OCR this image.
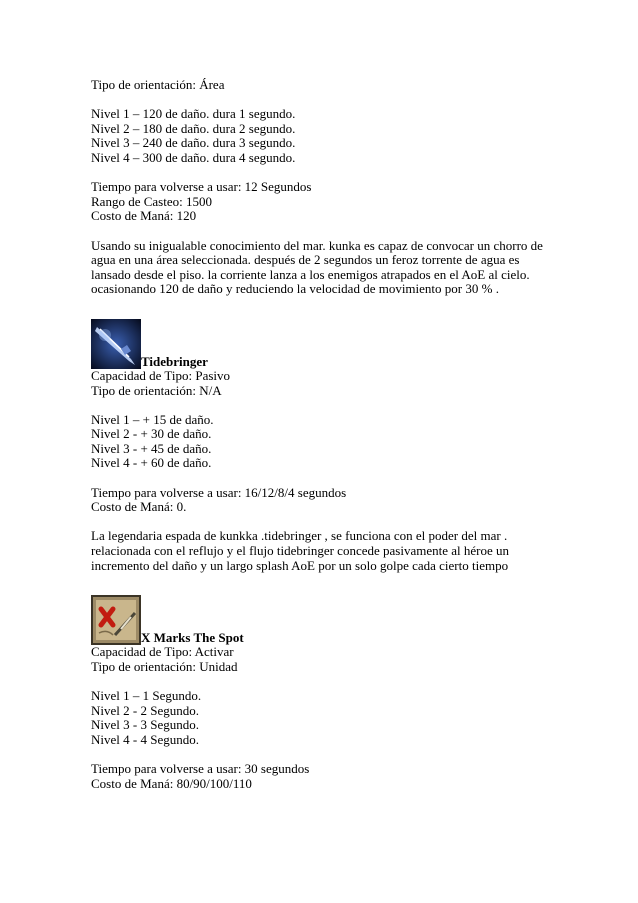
Tipo de orientación: Área
Nivel 1 – 120 de daño. dura 1 segundo.
Nivel 2 – 180 de daño. dura 2 segundo.
Nivel 3 – 240 de daño. dura 3 segundo.
Nivel 4 – 300 de daño. dura 4 segundo.
Tiempo para volverse a usar: 12 Segundos
Rango de Casteo: 1500
Costo de Maná: 120
Usando su inigualable conocimiento del mar. kunka es capaz de convocar un chorro de
agua en una área seleccionada. después de 2 segundos un feroz torrente de agua es
lansado desde el piso. la corriente lanza a los enemigos atrapados en el AoE al cielo.
ocasionando 120 de daño y reduciendo la velocidad de movimiento por 30 % .
Tidebringer
Capacidad de Tipo: Pasivo
Tipo de orientación: N/A
Nivel 1 – + 15 de daño.
Nivel 2 - + 30 de daño.
Nivel 3 - + 45 de daño.
Nivel 4 - + 60 de daño.
Tiempo para volverse a usar: 16/12/8/4 segundos
Costo de Maná: 0.
La legendaria espada de kunkka .tidebringer , se funciona con el poder del mar .
relacionada con el reflujo y el flujo tidebringer concede pasivamente al héroe un
incremento del daño y un largo splash AoE por un solo golpe cada cierto tiempo
X Marks The Spot
Capacidad de Tipo: Activar
Tipo de orientación: Unidad
Nivel 1 – 1 Segundo.
Nivel 2 - 2 Segundo.
Nivel 3 - 3 Segundo.
Nivel 4 - 4 Segundo.
Tiempo para volverse a usar: 30 segundos
Costo de Maná: 80/90/100/110
